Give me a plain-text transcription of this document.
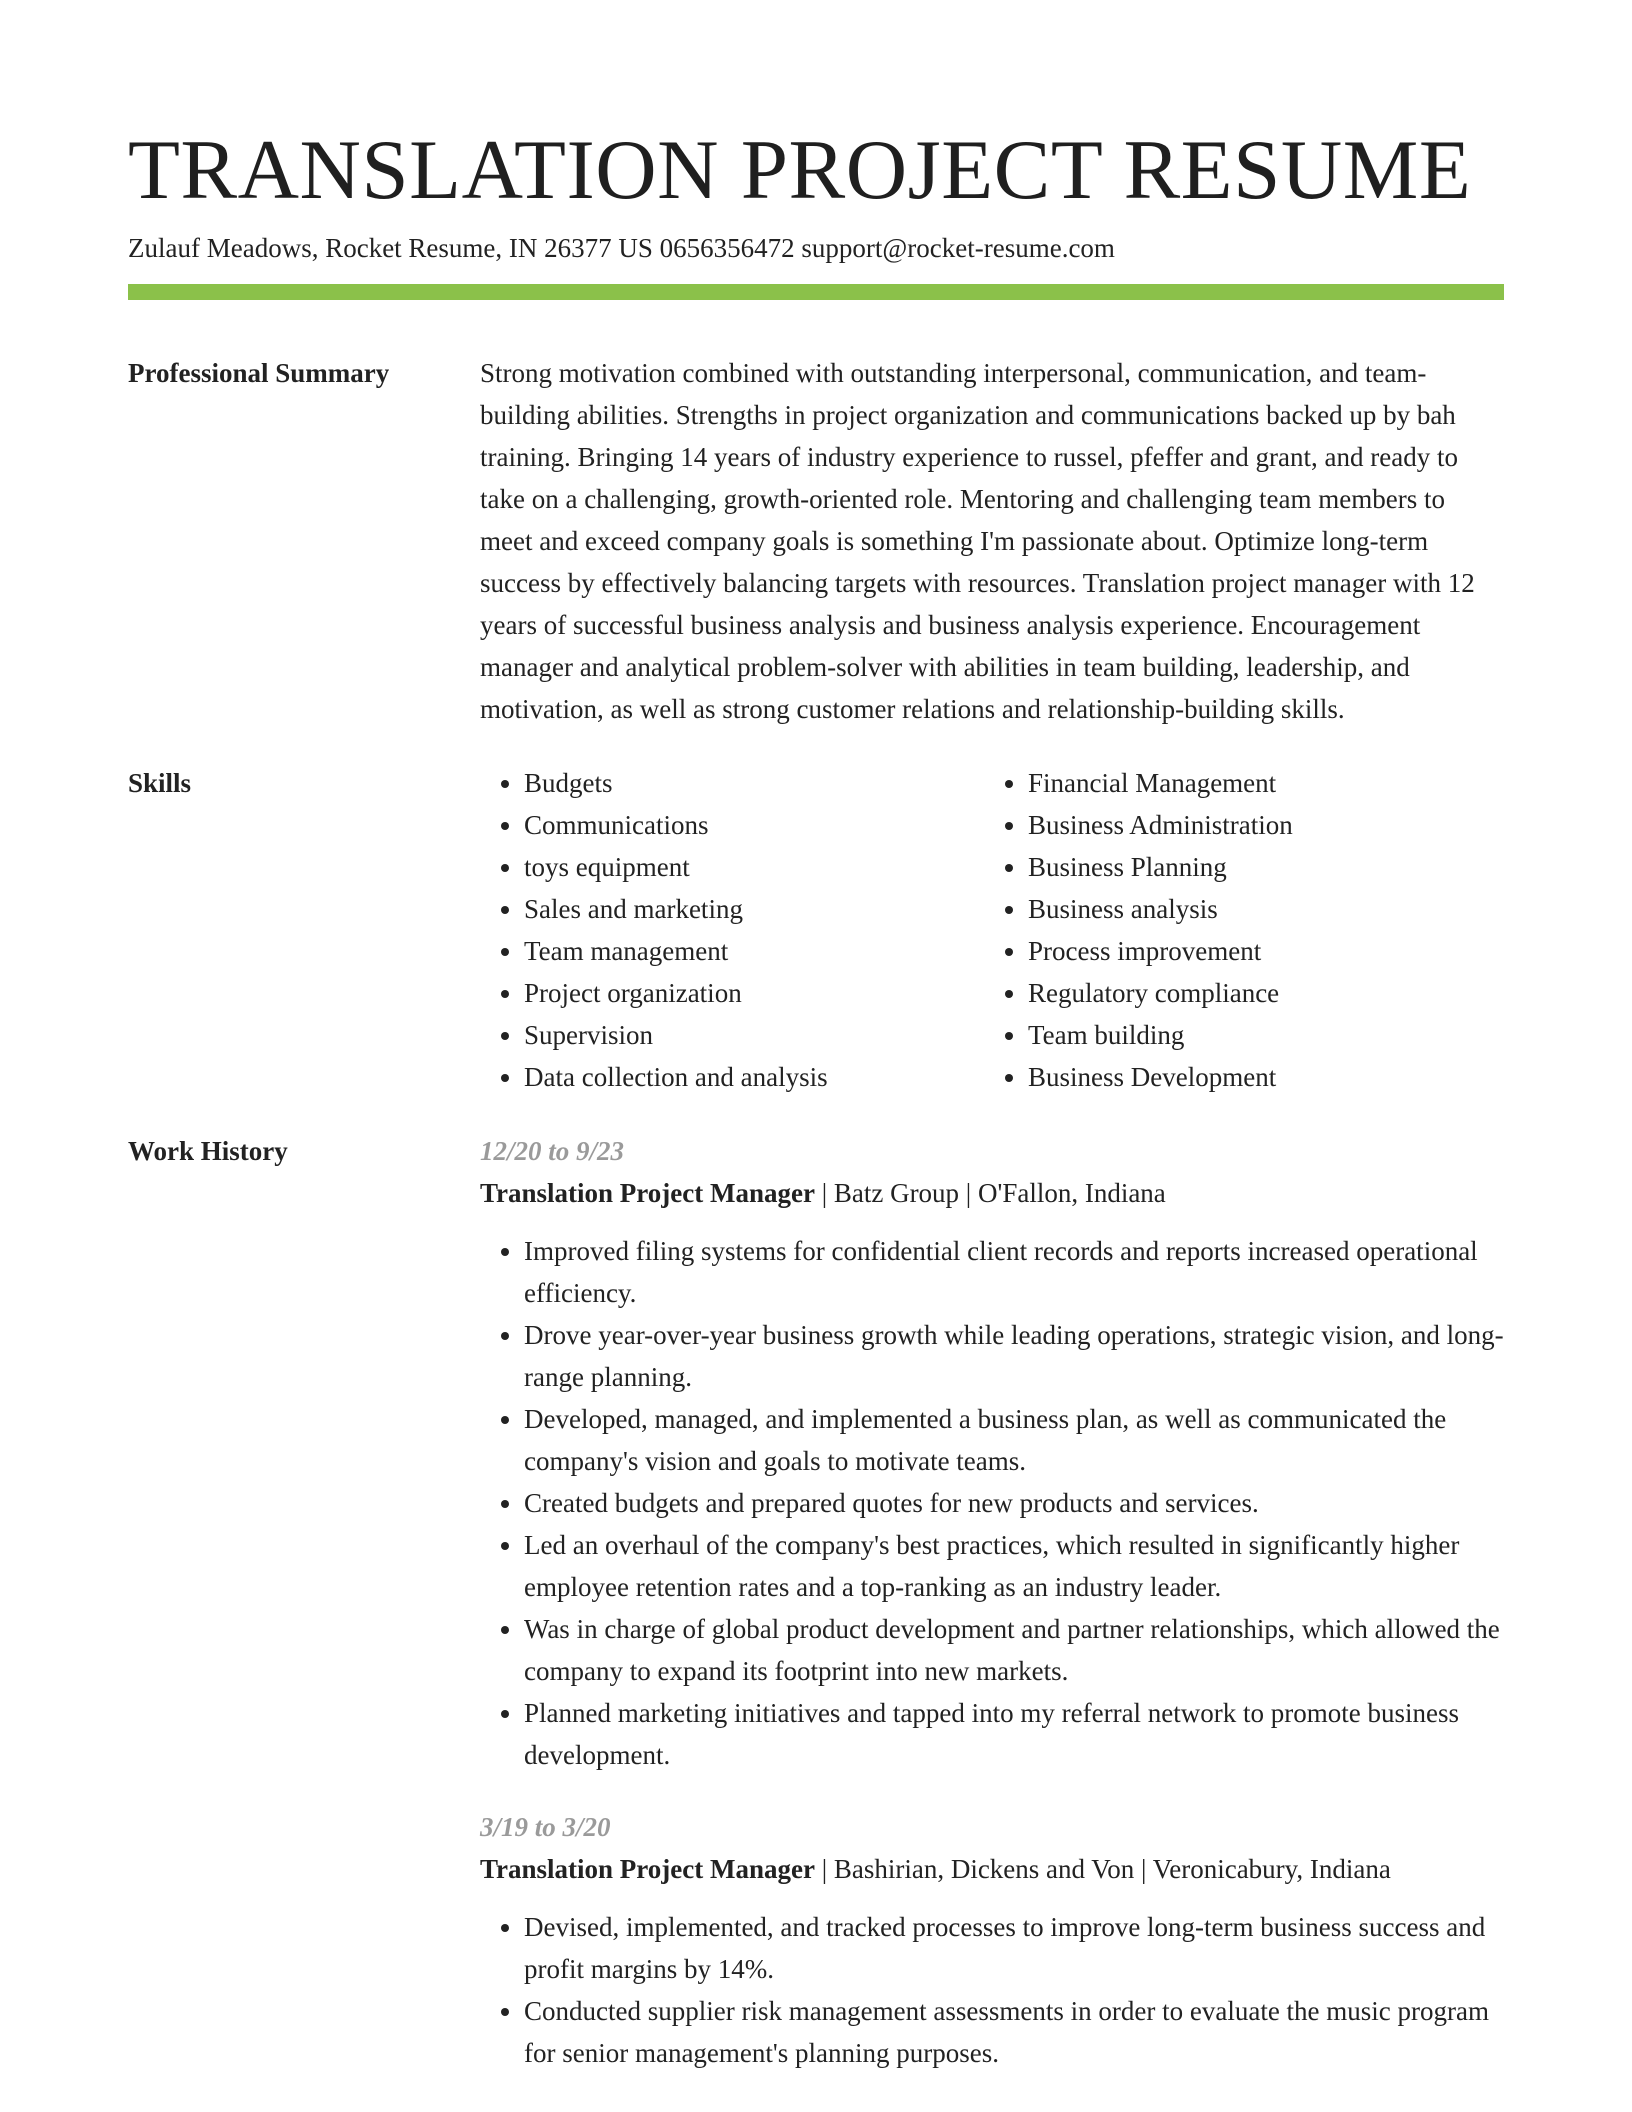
TRANSLATION PROJECT RESUME
Zulauf Meadows, Rocket Resume, IN 26377 US 0656356472 support@rocket-resume.com
Professional Summary	Strong motivation combined with outstanding interpersonal, communication, and team-building abilities. Strengths in project organization and communications backed up by bah training. Bringing 14 years of industry experience to russel, pfeffer and grant, and ready to take on a challenging, growth-oriented role. Mentoring and challenging team members to meet and exceed company goals is something I'm passionate about. Optimize long-term success by effectively balancing targets with resources. Translation project manager with 12 years of successful business analysis and business analysis experience. Encouragement manager and analytical problem-solver with abilities in team building, leadership, and motivation, as well as strong customer relations and relationship-building skills.
Skills
•	Budgets
• Communications
• toys equipment
• Sales and marketing
• Team management
• Project organization
• Supervision
• Data collection and analysis
• Financial Management
• Business Administration
• Business Planning
• Business analysis
• Process improvement
• Regulatory compliance
• Team building
• Business Development
Work History	12/20 to 9/23
Translation Project Manager | Batz Group | O'Fallon, Indiana
• Improved filing systems for confidential client records and reports increased operational efficiency.
• Drove year-over-year business growth while leading operations, strategic vision, and long-range planning.
• Developed, managed, and implemented a business plan, as well as communicated the company's vision and goals to motivate teams.
• Created budgets and prepared quotes for new products and services.
• Led an overhaul of the company's best practices, which resulted in significantly higher employee retention rates and a top-ranking as an industry leader.
• Was in charge of global product development and partner relationships, which allowed the company to expand its footprint into new markets.
• Planned marketing initiatives and tapped into my referral network to promote business development.
3/19 to 3/20
Translation Project Manager | Bashirian, Dickens and Von | Veronicabury, Indiana
• Devised, implemented, and tracked processes to improve long-term business success and profit margins by 14%.
• Conducted supplier risk management assessments in order to evaluate the music program for senior management's planning purposes.
